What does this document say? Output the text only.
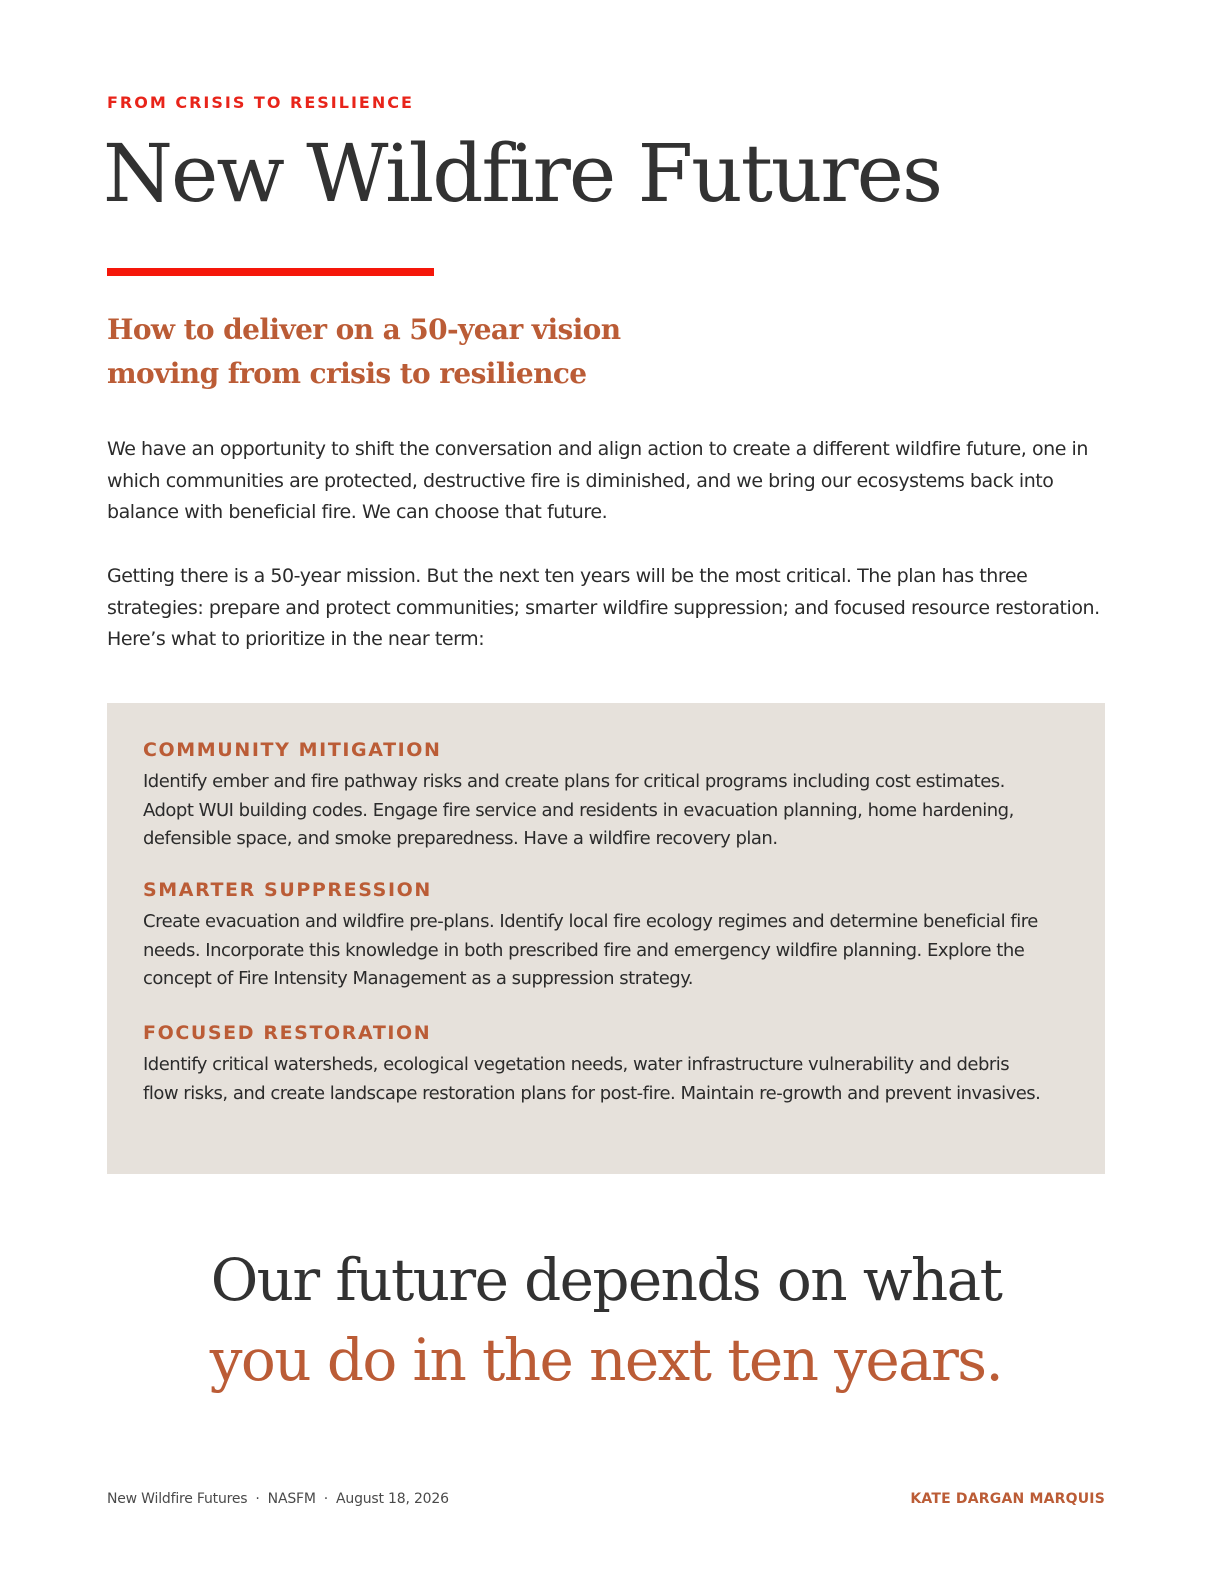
FROM CRISIS TO RESILIENCE
New Wildfire Futures
How to deliver on a 50-year vision
moving from crisis to resilience

We have an opportunity to shift the conversation and align action to create a different wildfire future, one in which communities are protected, destructive fire is diminished, and we bring our ecosystems back into balance with beneficial fire. We can choose that future.

Getting there is a 50-year mission. But the next ten years will be the most critical. The plan has three strategies: prepare and protect communities; smarter wildfire suppression; and focused resource restoration. Here’s what to prioritize in the near term:

COMMUNITY MITIGATION

Identify ember and fire pathway risks and create plans for critical programs including cost estimates. Adopt WUI building codes. Engage fire service and residents in evacuation planning, home hardening, defensible space, and smoke preparedness. Have a wildfire recovery plan.

SMARTER SUPPRESSION

Create evacuation and wildfire pre-plans. Identify local fire ecology regimes and determine beneficial fire needs. Incorporate this knowledge in both prescribed fire and emergency wildfire planning. Explore the concept of Fire Intensity Management as a suppression strategy.

FOCUSED RESTORATION

Identify critical watersheds, ecological vegetation needs, water infrastructure vulnerability and debris flow risks, and create landscape restoration plans for post-fire. Maintain re-growth and prevent invasives.

Our future depends on what
you do in the next ten years.
New Wildfire Futures · NASFM · August 18, 2026	KATE DARGAN MARQUIS
